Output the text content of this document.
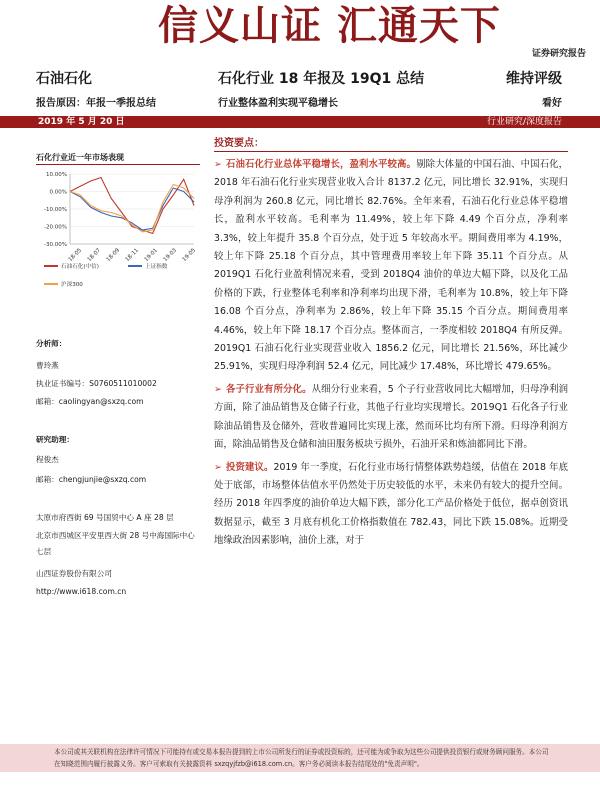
信义山证 汇通天下
证券研究报告
石油石化	石化行业 18 年报及 19Q1 总结	维持评级
报告原因：年报一季报总结	行业整体盈利实现平稳增长	看好
2019 年 5 月 20 日	行业研究/深度报告
石化行业近一年市场表现
10.00%
0.00%
-10.00%
-20.00%
-30.00%
18-05 18-07 18-09 18-11 19-01 19-03 19-05
石油石化(中信)	上证指数
沪深300
分析师：
曹玲燕
执业证书编号：S0760511010002
邮箱：caolingyan@sxzq.com
研究助理：
程俊杰
邮箱：chengjunjie@sxzq.com
太原市府西街 69 号国贸中心 A 座 28 层
北京市西城区平安里西大街 28 号中海国际中心七层
山西证券股份有限公司
http://www.i618.com.cn
投资要点：

➢ 石油石化行业总体平稳增长，盈利水平较高。剔除大体量的中国石油、中国石化，2018 年石油石化行业实现营业收入合计 8137.2 亿元，同比增长 32.91%，实现归母净利润为 260.8 亿元，同比增长 82.76%。全年来看，石油石化行业总体平稳增长，盈利水平较高。毛利率为 11.49%，较上年下降 4.49 个百分点，净利率 3.3%，较上年提升 35.8 个百分点，处于近 5 年较高水平。期间费用率为 4.19%，较上年下降 25.18 个百分点，其中管理费用率较上年下降 35.11 个百分点。从 2019Q1 石化行业盈利情况来看，受到 2018Q4 油价的单边大幅下降，以及化工品价格的下跌，行业整体毛利率和净利率均出现下滑，毛利率为 10.8%，较上年下降 16.08 个百分点，净利率为 2.86%，较上年下降 35.15 个百分点。期间费用率 4.46%，较上年下降 18.17 个百分点。整体而言，一季度相较 2018Q4 有所反弹。2019Q1 石油石化行业实现营业收入 1856.2 亿元，同比增长 21.56%，环比减少 25.91%，实现归母净利润 52.4 亿元，同比减少 17.48%，环比增长 479.65%。

➢ 各子行业有所分化。从细分行业来看，5 个子行业营收同比大幅增加，归母净利润方面，除了油品销售及仓储子行业，其他子行业均实现增长。2019Q1 石化各子行业除油品销售及仓储外，营收普遍同比实现上涨，然而环比均有所下滑。归母净利润方面，除油品销售及仓储和油田服务板块亏损外，石油开采和炼油都同比下滑。

➢ 投资建议。2019 年一季度，石化行业市场行情整体跌势趋缓，估值在 2018 年底处于底部，市场整体估值水平仍然处于历史较低的水平，未来仍有较大的提升空间。经历 2018 年四季度的油价单边大幅下跌，部分化工产品价格处于低位，据卓创资讯数据显示，截至 3 月底有机化工价格指数值在 782.43，同比下跌 15.08%。近期受地缘政治因素影响，油价上涨，对于

本公司或其关联机构在法律许可情况下可能持有或交易本报告提到的上市公司所发行的证券或投资标的，还可能为或争取为这些公司提供投资银行或财务顾问服务。本公司在知晓范围内履行披露义务。客户可索取有关披露资料 sxzqyjfzb@i618.com.cn。客户务必阅读本报告结尾处的"免责声明"。
